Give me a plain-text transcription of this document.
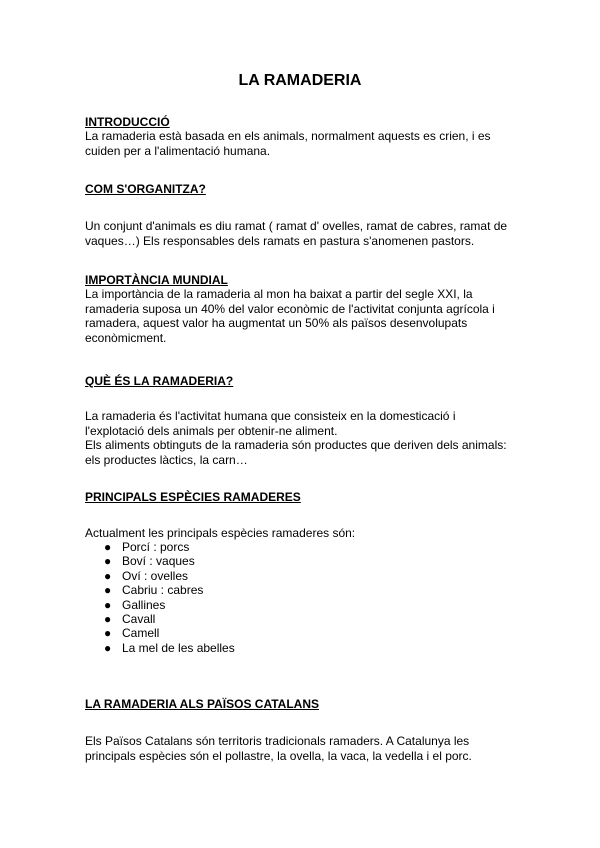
LA RAMADERIA
INTRODUCCIÓ
La ramaderia està basada en els animals, normalment aquests es crien, i es cuiden per a l'alimentació humana.
COM S'ORGANITZA?
Un conjunt d'animals es diu ramat ( ramat d' ovelles, ramat de cabres, ramat de vaques…) Els responsables dels ramats en pastura s'anomenen pastors.
IMPORTÀNCIA MUNDIAL
La importància de la ramaderia al mon ha baixat a partir del segle XXI, la ramaderia suposa un 40% del valor econòmic de l'activitat conjunta agrícola i ramadera, aquest valor ha augmentat un 50% als països desenvolupats econòmicment.
QUÈ ÉS LA RAMADERIA?
La ramaderia és l'activitat humana que consisteix en la domesticació i l'explotació dels animals per obtenir-ne aliment.
Els aliments obtinguts de la ramaderia són productes que deriven dels animals: els productes làctics, la carn…
PRINCIPALS ESPÈCIES RAMADERES
Actualment les principals espècies ramaderes són:
● Porcí : porcs
● Boví : vaques
● Oví : ovelles
● Cabriu : cabres
● Gallines
● Cavall
● Camell
● La mel de les abelles
LA RAMADERIA ALS PAÏSOS CATALANS
Els Països Catalans són territoris tradicionals ramaders. A Catalunya les principals espècies són el pollastre, la ovella, la vaca, la vedella i el porc.
